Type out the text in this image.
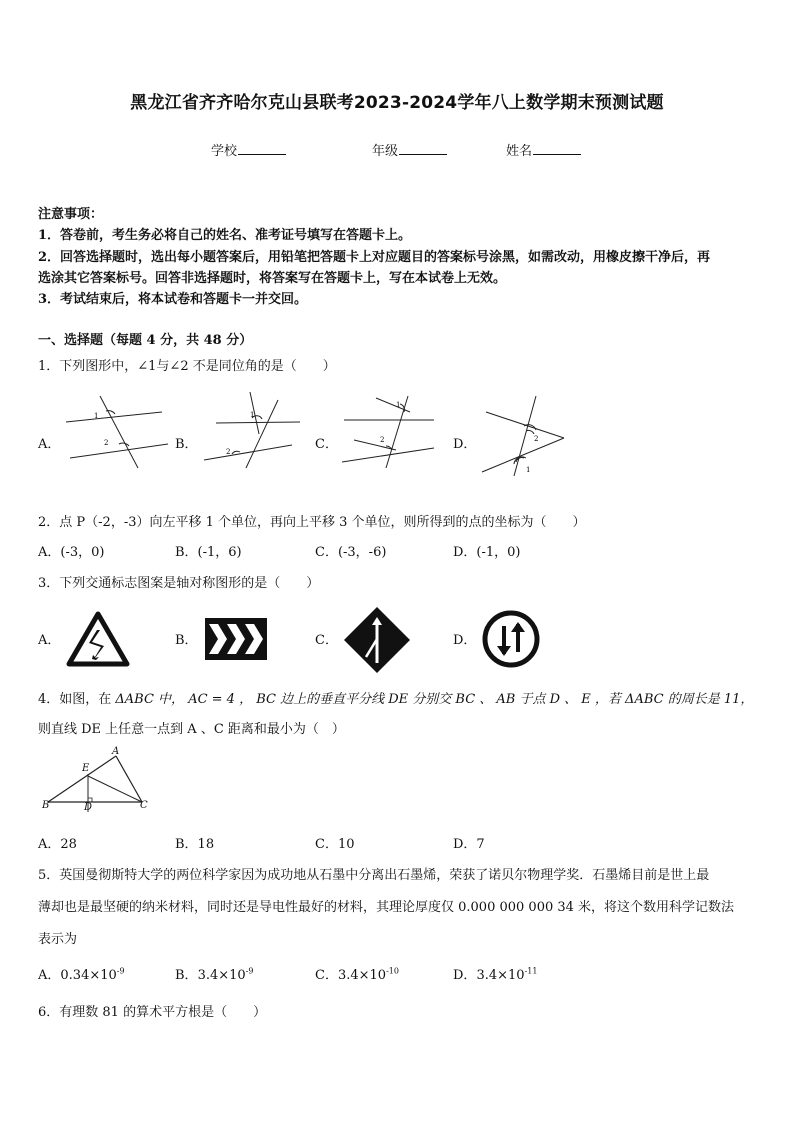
黑龙江省齐齐哈尔克山县联考2023-2024学年八上数学期末预测试题
学校	年级	姓名
注意事项：
1．答卷前，考生务必将自己的姓名、准考证号填写在答题卡上。
2．回答选择题时，选出每小题答案后，用铅笔把答题卡上对应题目的答案标号涂黑，如需改动，用橡皮擦干净后，再
选涂其它答案标号。回答非选择题时，将答案写在答题卡上，写在本试卷上无效。
3．考试结束后，将本试卷和答题卡一并交回。
一、选择题（每题 4 分，共 48 分）
1．下列图形中，∠1与∠2 不是同位角的是（　　）
A．	B．	C．	D．
1
2
1
2
1
2	2
1
2．点 P（-2，-3）向左平移 1 个单位，再向上平移 3 个单位，则所得到的点的坐标为（　　）
A．(-3，0)	B．(-1，6)	C．(-3，-6)	D．(-1，0)
3．下列交通标志图案是轴对称图形的是（　　）
A．	B．	C．	D．
4．如图，在 ΔABC 中， AC = 4 ， BC 边上的垂直平分线 DE 分别交 BC 、 AB 于点 D 、 E ，若 ΔABC 的周长是 11，
则直线 DE 上任意一点到 A 、C 距离和最小为（　）
A
E
B	D	C
A．28	B．18	C．10	D．7
5．英国曼彻斯特大学的两位科学家因为成功地从石墨中分离出石墨烯，荣获了诺贝尔物理学奖．石墨烯目前是世上最
薄却也是最坚硬的纳米材料，同时还是导电性最好的材料，其理论厚度仅 0.000 000 000 34 米，将这个数用科学记数法
表示为
A．$0.34\times 10^{-9}$	B．$3.4\times 10^{-9}$	C．$3.4\times 10^{-10}$	D．$3.4\times 10^{-11}$
6．有理数 81 的算术平方根是（　　）
